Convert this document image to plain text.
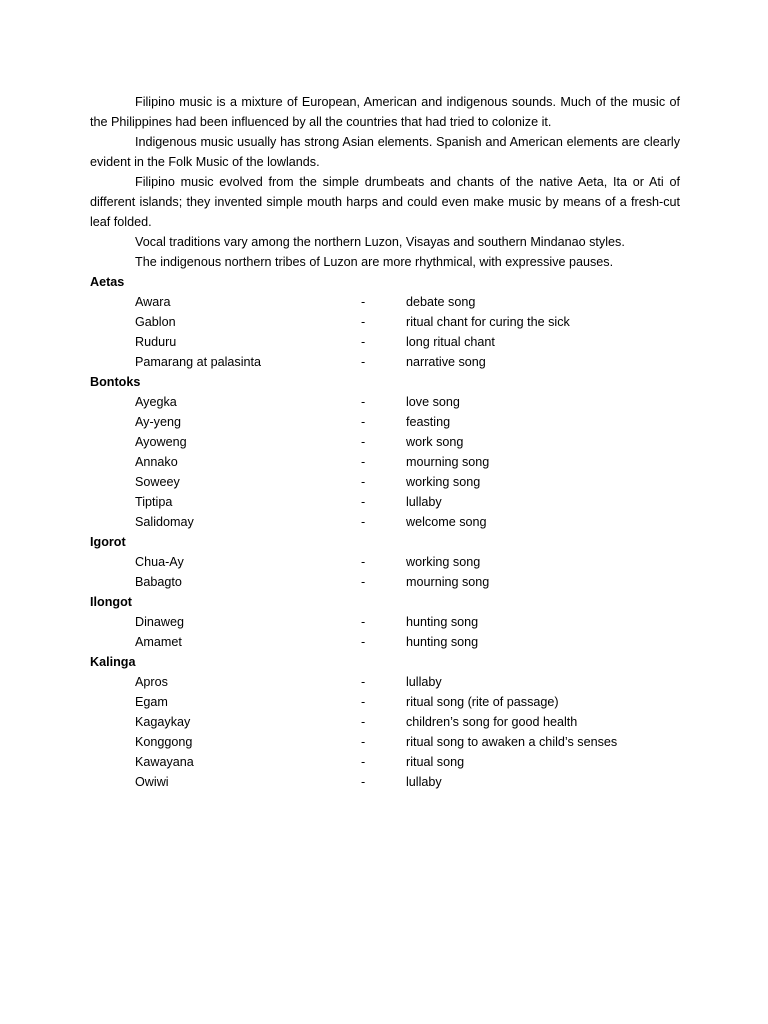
Filipino music is a mixture of European, American and indigenous sounds. Much of the music of the Philippines had been influenced by all the countries that had tried to colonize it.

Indigenous music usually has strong Asian elements. Spanish and American elements are clearly evident in the Folk Music of the lowlands.

Filipino music evolved from the simple drumbeats and chants of the native Aeta, Ita or Ati of different islands; they invented simple mouth harps and could even make music by means of a fresh-cut leaf folded.

Vocal traditions vary among the northern Luzon, Visayas and southern Mindanao styles.

The indigenous northern tribes of Luzon are more rhythmical, with expressive pauses.

Aetas
Awara	-	debate song
Gablon	-	ritual chant for curing the sick
Ruduru	-	long ritual chant
Pamarang at palasinta	-	narrative song
Bontoks
Ayegka	-	love song
Ay-yeng	-	feasting
Ayoweng	-	work song
Annako	-	mourning song
Soweey	-	working song
Tiptipa	-	lullaby
Salidomay	-	welcome song
Igorot
Chua-Ay	-	working song
Babagto	-	mourning song
Ilongot
Dinaweg	-	hunting song
Amamet	-	hunting song
Kalinga
Apros	-	lullaby
Egam	-	ritual song (rite of passage)
Kagaykay	-	children’s song for good health
Konggong	-	ritual song to awaken a child’s senses
Kawayana	-	ritual song
Owiwi	-	lullaby
